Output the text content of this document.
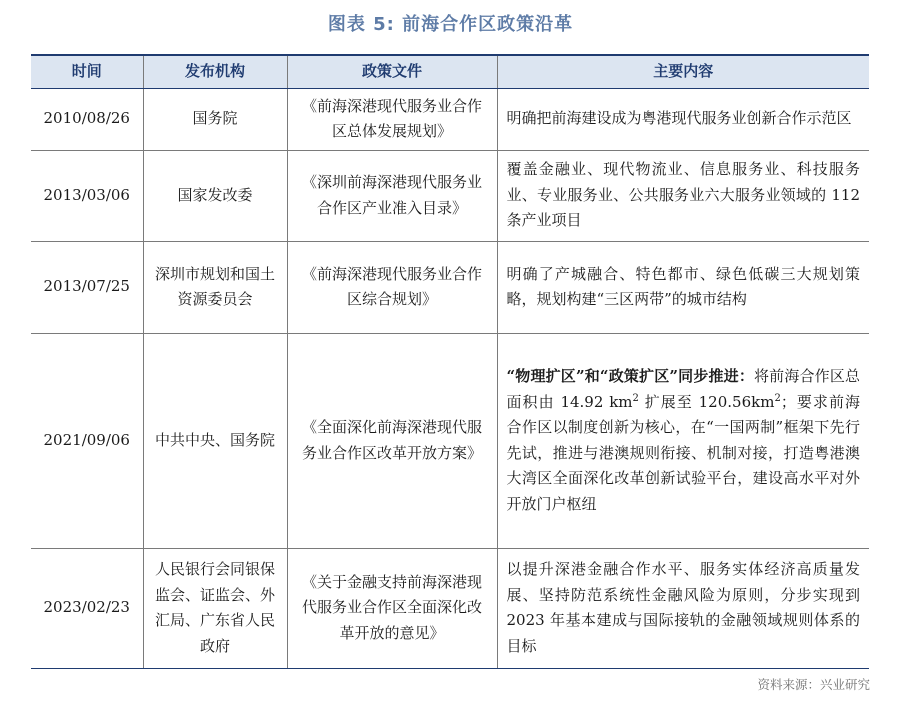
图表 5: 前海合作区政策沿革
时间	发布机构	政策文件	主要内容
2010/08/26	国务院	《前海深港现代服务业合作区总体发展规划》	明确把前海建设成为粤港现代服务业创新合作示范区
2013/03/06	国家发改委	《深圳前海深港现代服务业合作区产业准入目录》	覆盖金融业、现代物流业、信息服务业、科技服务业、专业服务业、公共服务业六大服务业领域的 112 条产业项目
2013/07/25	深圳市规划和国土资源委员会	《前海深港现代服务业合作区综合规划》	明确了产城融合、特色都市、绿色低碳三大规划策略，规划构建“三区两带”的城市结构
2021/09/06	中共中央、国务院	《全面深化前海深港现代服务业合作区改革开放方案》	“物理扩区”和“政策扩区”同步推进：将前海合作区总面积由 14.92 $km^2$ 扩展至 $120.56km^2$；要求前海合作区以制度创新为核心，在“一国两制”框架下先行先试，推进与港澳规则衔接、机制对接，打造粤港澳大湾区全面深化改革创新试验平台，建设高水平对外开放门户枢纽
2023/02/23	人民银行会同银保监会、证监会、外汇局、广东省人民政府	《关于金融支持前海深港现代服务业合作区全面深化改革开放的意见》	以提升深港金融合作水平、服务实体经济高质量发展、坚持防范系统性金融风险为原则，分步实现到 2023 年基本建成与国际接轨的金融领域规则体系的目标
资料来源：兴业研究
